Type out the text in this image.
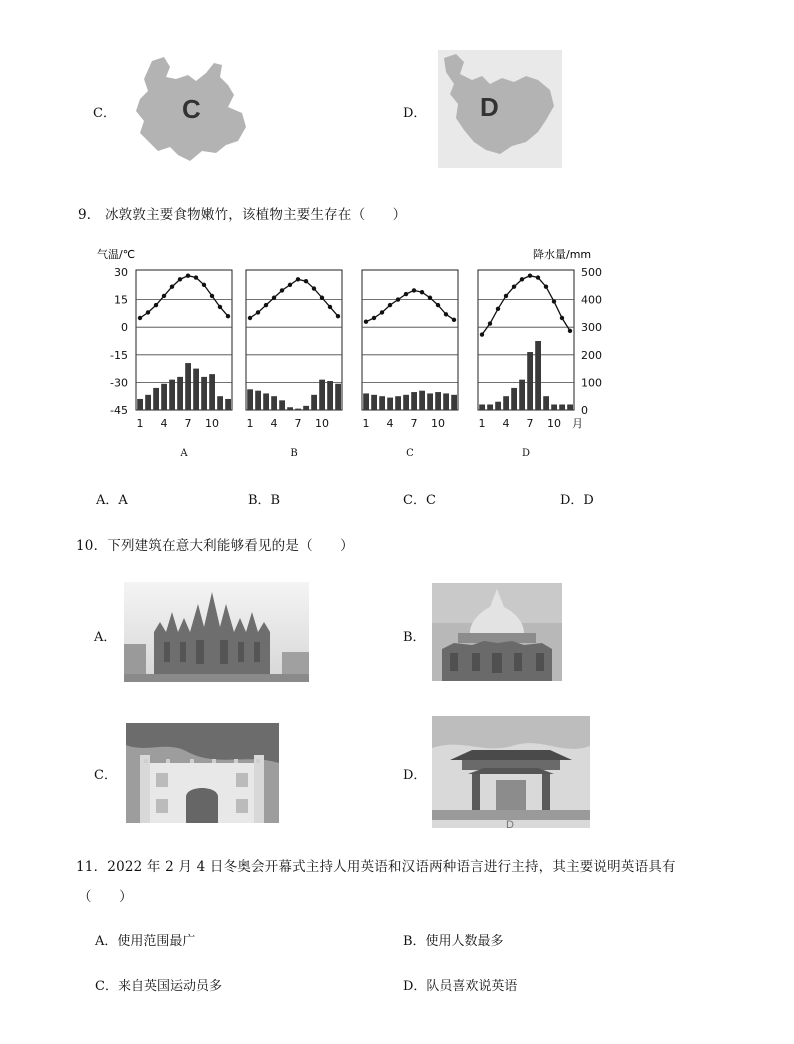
C．	C	D． D
9． 冰敦敦主要食物嫩竹，该植物主要生存在（　　）
气温/℃	降水量/mm
30
15
0
-15
-30
-45
500
400
300
200
100
0
1 4 7 10
A
1 4 7 10
B
1 4 7 10
C
1 4 7 10
D
月
A．A	B．B	C．C	D．D
10．下列建筑在意大利能够看见的是（　　）
A．	B．
C．	D．
D
11．2022 年 2 月 4 日冬奥会开幕式主持人用英语和汉语两种语言进行主持，其主要说明英语具有
（　　）
A．使用范围最广	B．使用人数最多
C．来自英国运动员多	D．队员喜欢说英语
